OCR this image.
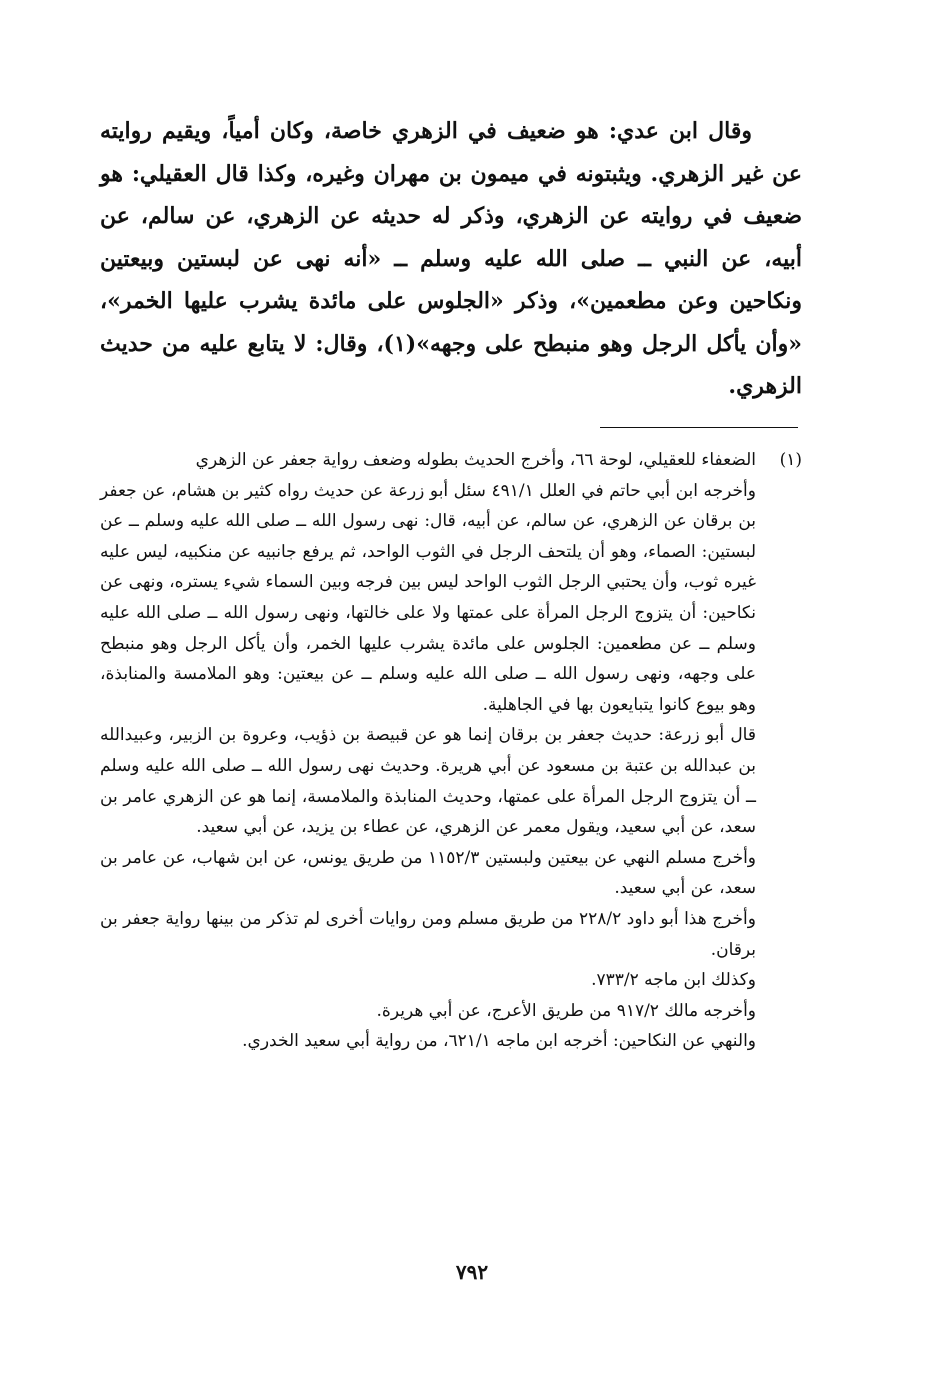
وقال ابن عدي: هو ضعيف في الزهري خاصة، وكان أمياً، ويقيم روايته عن غير الزهري. ويثبتونه في ميمون بن مهران وغيره، وكذا قال العقيلي: هو ضعيف في روايته عن الزهري، وذكر له حديثه عن الزهري، عن سالم، عن أبيه، عن النبي ــ صلى الله عليه وسلم ــ «أنه نهى عن لبستين وبيعتين ونكاحين وعن مطعمين»، وذكر «الجلوس على مائدة يشرب عليها الخمر»، «وأن يأكل الرجل وهو منبطح على وجهه»(١)، وقال: لا يتابع عليه من حديث الزهري.

(١)

الضعفاء للعقيلي، لوحة ٦٦، وأخرج الحديث بطوله وضعف رواية جعفر عن الزهري

وأخرجه ابن أبي حاتم في العلل ٤٩١/١ سئل أبو زرعة عن حديث رواه كثير بن هشام، عن جعفر بن برقان عن الزهري، عن سالم، عن أبيه، قال: نهى رسول الله ــ صلى الله عليه وسلم ــ عن لبستين: الصماء، وهو أن يلتحف الرجل في الثوب الواحد، ثم يرفع جانبيه عن منكبيه، ليس عليه غيره ثوب، وأن يحتبي الرجل الثوب الواحد ليس بين فرجه وبين السماء شيء يستره، ونهى عن نكاحين: أن يتزوج الرجل المرأة على عمتها ولا على خالتها، ونهى رسول الله ــ صلى الله عليه وسلم ــ عن مطعمين: الجلوس على مائدة يشرب عليها الخمر، وأن يأكل الرجل وهو منبطح على وجهه، ونهى رسول الله ــ صلى الله عليه وسلم ــ عن بيعتين: وهو الملامسة والمنابذة، وهو بيوع كانوا يتبايعون بها في الجاهلية.

قال أبو زرعة: حديث جعفر بن برقان إنما هو عن قبيصة بن ذؤيب، وعروة بن الزبير، وعبيدالله بن عبدالله بن عتبة بن مسعود عن أبي هريرة. وحديث نهى رسول الله ــ صلى الله عليه وسلم ــ أن يتزوج الرجل المرأة على عمتها، وحديث المنابذة والملامسة، إنما هو عن الزهري عامر بن سعد، عن أبي سعيد، ويقول معمر عن الزهري، عن عطاء بن يزيد، عن أبي سعيد.

وأخرج مسلم النهي عن بيعتين ولبستين ١١٥٢/٣ من طريق يونس، عن ابن شهاب، عن عامر بن سعد، عن أبي سعيد.

وأخرج هذا أبو داود ٢٢٨/٢ من طريق مسلم ومن روايات أخرى لم تذكر من بينها رواية جعفر بن برقان.

وكذلك ابن ماجه ٧٣٣/٢.

وأخرجه مالك ٩١٧/٢ من طريق الأعرج، عن أبي هريرة.

والنهي عن النكاحين: أخرجه ابن ماجه ٦٢١/١، من رواية أبي سعيد الخدري.

٧٩٢
